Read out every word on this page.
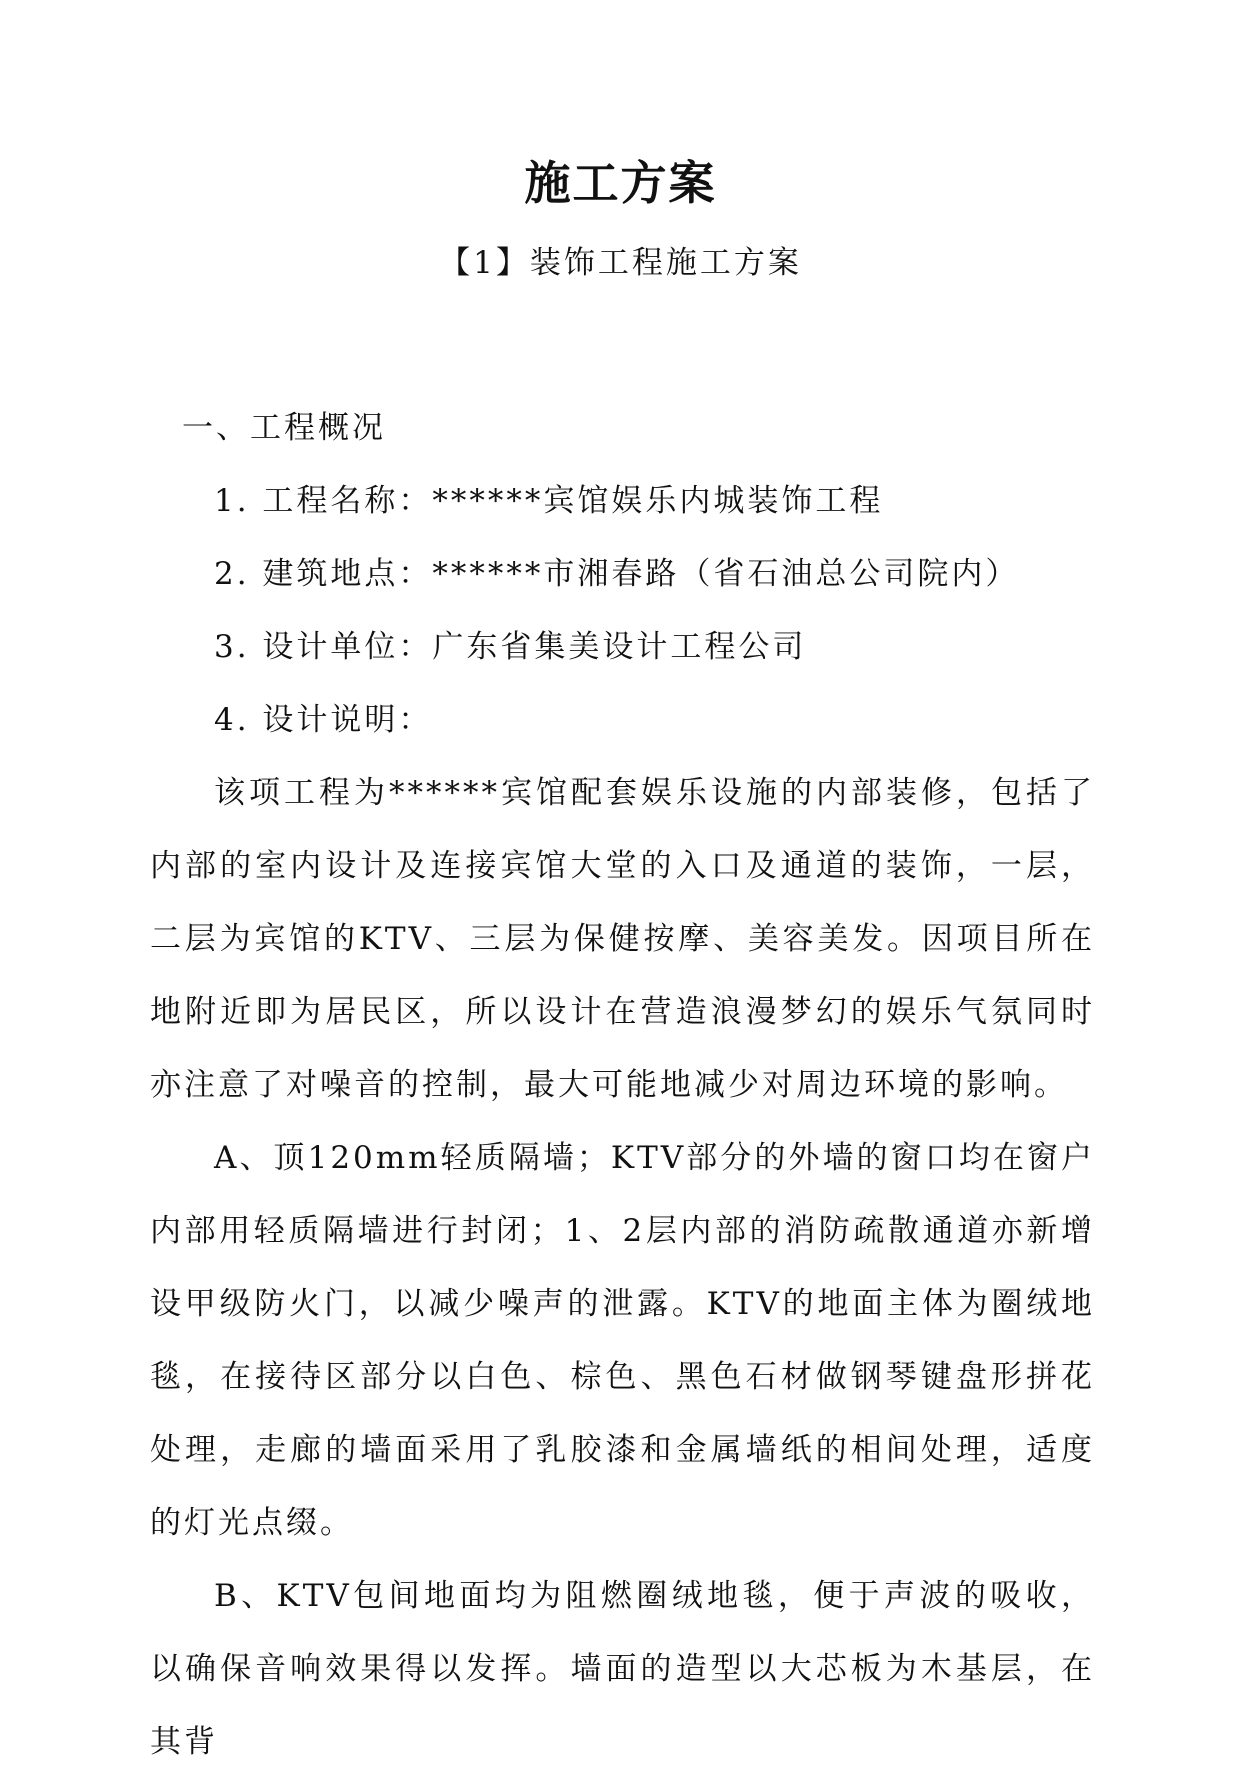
施工方案
【1】装饰工程施工方案
一、工程概况
1. 工程名称：******宾馆娱乐内城装饰工程
2. 建筑地点：******市湘春路（省石油总公司院内）
3. 设计单位：广东省集美设计工程公司
4. 设计说明：

该项工程为******宾馆配套娱乐设施的内部装修，包括了内部的室内设计及连接宾馆大堂的入口及通道的装饰，一层，二层为宾馆的KTV、三层为保健按摩、美容美发。因项目所在地附近即为居民区，所以设计在营造浪漫梦幻的娱乐气氛同时亦注意了对噪音的控制，最大可能地减少对周边环境的影响。

A、顶120mm轻质隔墙；KTV部分的外墙的窗口均在窗户内部用轻质隔墙进行封闭；1、2层内部的消防疏散通道亦新增设甲级防火门，以减少噪声的泄露。KTV的地面主体为圈绒地毯，在接待区部分以白色、棕色、黑色石材做钢琴键盘形拼花处理，走廊的墙面采用了乳胶漆和金属墙纸的相间处理，适度的灯光点缀。

B、KTV包间地面均为阻燃圈绒地毯，便于声波的吸收，以确保音响效果得以发挥。墙面的造型以大芯板为木基层，在其背
